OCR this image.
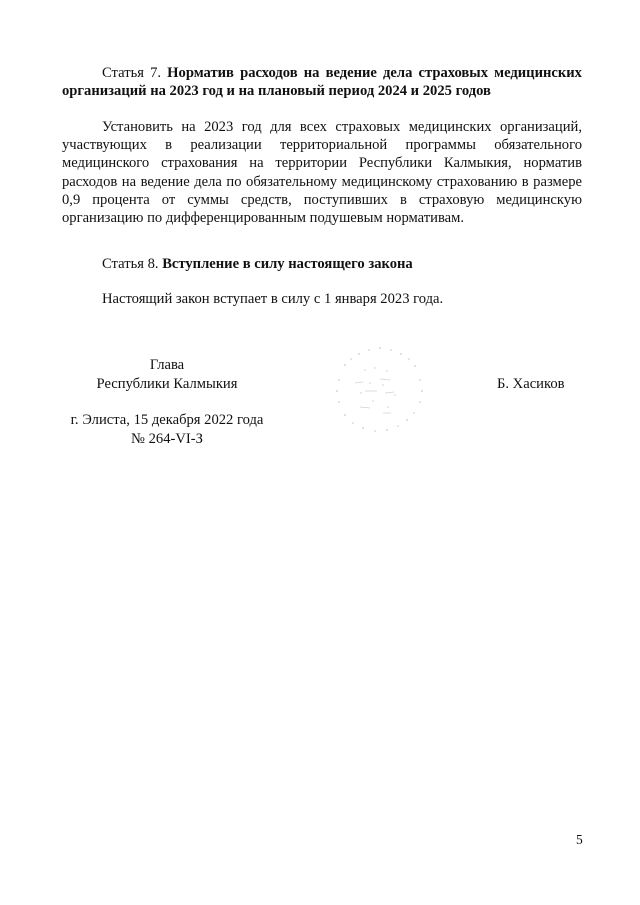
Статья 7. Норматив расходов на ведение дела страховых медицинских организаций на 2023 год и на плановый период 2024 и 2025 годов
Установить на 2023 год для всех страховых медицинских организаций, участвующих в реализации территориальной программы обязательного медицинского страхования на территории Республики Калмыкия, норматив расходов на ведение дела по обязательному медицинскому страхованию в размере 0,9 процента от суммы средств, поступивших в страховую медицинскую организацию по дифференцированным подушевым нормативам.
Статья 8. Вступление в силу настоящего закона
Настоящий закон вступает в силу с 1 января 2023 года.
Глава
Республики Калмыкия	Б. Хасиков
г. Элиста, 15 декабря 2022 года
№ 264-VI-З
5
